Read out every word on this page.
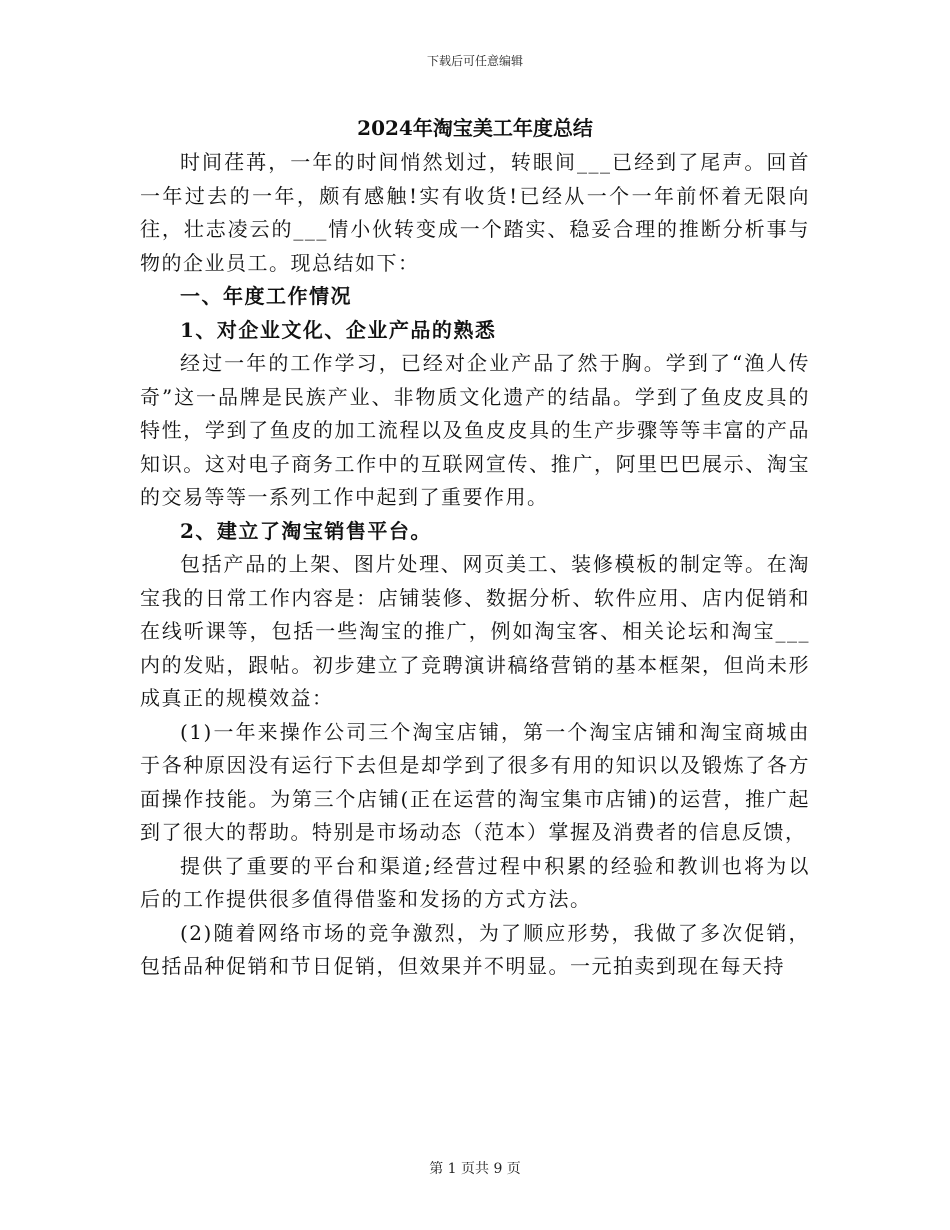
下载后可任意编辑
2024年淘宝美工年度总结

时间荏苒，一年的时间悄然划过，转眼间___已经到了尾声。回首一年过去的一年，颇有感触!实有收货!已经从一个一年前怀着无限向往，壮志凌云的___情小伙转变成一个踏实、稳妥合理的推断分析事与物的企业员工。现总结如下：

一、年度工作情况

1、对企业文化、企业产品的熟悉

经过一年的工作学习，已经对企业产品了然于胸。学到了“渔人传奇”这一品牌是民族产业、非物质文化遗产的结晶。学到了鱼皮皮具的特性，学到了鱼皮的加工流程以及鱼皮皮具的生产步骤等等丰富的产品知识。这对电子商务工作中的互联网宣传、推广，阿里巴巴展示、淘宝的交易等等一系列工作中起到了重要作用。

2、建立了淘宝销售平台。

包括产品的上架、图片处理、网页美工、装修模板的制定等。在淘宝我的日常工作内容是：店铺装修、数据分析、软件应用、店内促销和在线听课等，包括一些淘宝的推广，例如淘宝客、相关论坛和淘宝___内的发贴，跟帖。初步建立了竞聘演讲稿络营销的基本框架，但尚未形成真正的规模效益：

(1)一年来操作公司三个淘宝店铺，第一个淘宝店铺和淘宝商城由于各种原因没有运行下去但是却学到了很多有用的知识以及锻炼了各方面操作技能。为第三个店铺(正在运营的淘宝集市店铺)的运营，推广起到了很大的帮助。特别是市场动态（范本）掌握及消费者的信息反馈，

提供了重要的平台和渠道;经营过程中积累的经验和教训也将为以后的工作提供很多值得借鉴和发扬的方式方法。

(2)随着网络市场的竞争激烈，为了顺应形势，我做了多次促销，包括品种促销和节日促销，但效果并不明显。一元拍卖到现在每天持

第 1 页共 9 页
